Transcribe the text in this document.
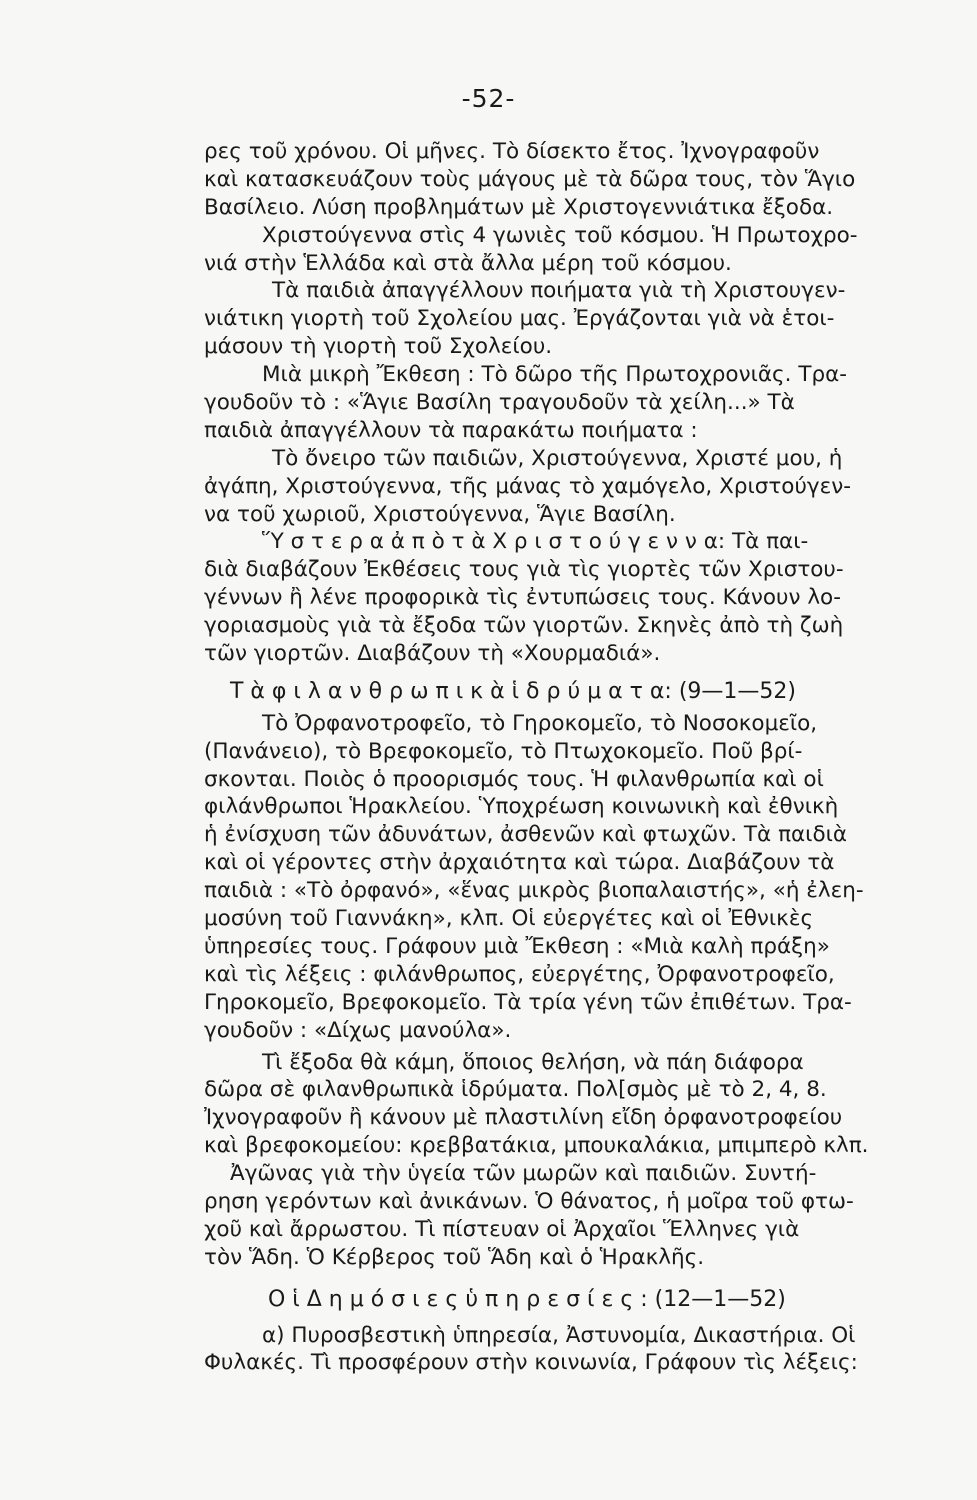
-52-
ρες τοῦ χρόνου. Οἱ μῆνες. Τὸ δίσεκτο ἔτος. Ἰχνογραφοῦν
καὶ κατασκευάζουν τοὺς μάγους μὲ τὰ δῶρα τους, τὸν Ἅγιο
Βασίλειο. Λύση προβλημάτων μὲ Χριστογεννιάτικα ἔξοδα.
Χριστούγεννα στὶς 4 γωνιὲς τοῦ κόσμου. Ἡ Πρωτοχρο-
νιά στὴν Ἑλλάδα καὶ στὰ ἄλλα μέρη τοῦ κόσμου.
Τὰ παιδιὰ ἀπαγγέλλουν ποιήματα γιὰ τὴ Χριστουγεν-
νιάτικη γιορτὴ τοῦ Σχολείου μας. Ἐργάζονται γιὰ νὰ ἑτοι-
μάσουν τὴ γιορτὴ τοῦ Σχολείου.
Μιὰ μικρὴ Ἔκθεση : Τὸ δῶρο τῆς Πρωτοχρονιᾶς. Τρα-
γουδοῦν τὸ : «Ἅγιε Βασίλη τραγουδοῦν τὰ χείλη...» Τὰ
παιδιὰ ἀπαγγέλλουν τὰ παρακάτω ποιήματα :
Τὸ ὄνειρο τῶν παιδιῶν, Χριστούγεννα, Χριστέ μου, ἡ
ἀγάπη, Χριστούγεννα, τῆς μάνας τὸ χαμόγελο, Χριστούγεν-
να τοῦ χωριοῦ, Χριστούγεννα, Ἅγιε Βασίλη.
Ὕ σ τ ε ρ α ἀ π ὸ τ ὰ Χ ρ ι σ τ ο ύ γ ε ν ν α: Τὰ παι-
διὰ διαβάζουν Ἐκθέσεις τους γιὰ τὶς γιορτὲς τῶν Χριστου-
γέννων ἢ λένε προφορικὰ τὶς ἐντυπώσεις τους. Κάνουν λο-
γοριασμοὺς γιὰ τὰ ἔξοδα τῶν γιορτῶν. Σκηνὲς ἀπὸ τὴ ζωὴ
τῶν γιορτῶν. Διαβάζουν τὴ «Χουρμαδιά».
Τ ὰ φ ι λ α ν θ ρ ω π ι κ ὰ ἱ δ ρ ύ μ α τ α: (9—1—52)
Τὸ Ὀρφανοτροφεῖο, τὸ Γηροκομεῖο, τὸ Νοσοκομεῖο,
(Πανάνειο), τὸ Βρεφοκομεῖο, τὸ Πτωχοκομεῖο. Ποῦ βρί-
σκονται. Ποιὸς ὁ προορισμός τους. Ἡ φιλανθρωπία καὶ οἱ
φιλάνθρωποι Ἡρακλείου. Ὑποχρέωση κοινωνικὴ καὶ ἐθνικὴ
ἡ ἐνίσχυση τῶν ἀδυνάτων, ἀσθενῶν καὶ φτωχῶν. Τὰ παιδιὰ
καὶ οἱ γέροντες στὴν ἀρχαιότητα καὶ τώρα. Διαβάζουν τὰ
παιδιὰ : «Τὸ ὀρφανό», «ἕνας μικρὸς βιοπαλαιστής», «ἡ ἐλεη-
μοσύνη τοῦ Γιαννάκη», κλπ. Οἱ εὐεργέτες καὶ οἱ Ἐθνικὲς
ὑπηρεσίες τους. Γράφουν μιὰ Ἔκθεση : «Μιὰ καλὴ πράξη»
καὶ τὶς λέξεις : φιλάνθρωπος, εὐεργέτης, Ὀρφανοτροφεῖο,
Γηροκομεῖο, Βρεφοκομεῖο. Τὰ τρία γένη τῶν ἐπιθέτων. Τρα-
γουδοῦν : «Δίχως μανούλα».
Τὶ ἔξοδα θὰ κάμη, ὅποιος θελήση, νὰ πάη διάφορα
δῶρα σὲ φιλανθρωπικὰ ἱδρύματα. Πολ[σμὸς μὲ τὸ 2, 4, 8.
Ἰχνογραφοῦν ἢ κάνουν μὲ πλαστιλίνη εἴδη ὀρφανοτροφείου
καὶ βρεφοκομείου: κρεββατάκια, μπουκαλάκια, μπιμπερὸ κλπ.
Ἀγῶνας γιὰ τὴν ὑγεία τῶν μωρῶν καὶ παιδιῶν. Συντή-
ρηση γερόντων καὶ ἀνικάνων. Ὁ θάνατος, ἡ μοῖρα τοῦ φτω-
χοῦ καὶ ἄρρωστου. Τὶ πίστευαν οἱ Ἀρχαῖοι Ἕλληνες γιὰ
τὸν Ἅδη. Ὁ Κέρβερος τοῦ Ἅδη καὶ ὁ Ἡρακλῆς.
Ο ἱ Δ η μ ό σ ι ε ς ὑ π η ρ ε σ ί ε ς : (12—1—52)
α) Πυροσβεστικὴ ὑπηρεσία, Ἀστυνομία, Δικαστήρια. Οἱ
Φυλακές. Τὶ προσφέρουν στὴν κοινωνία, Γράφουν τὶς λέξεις:
